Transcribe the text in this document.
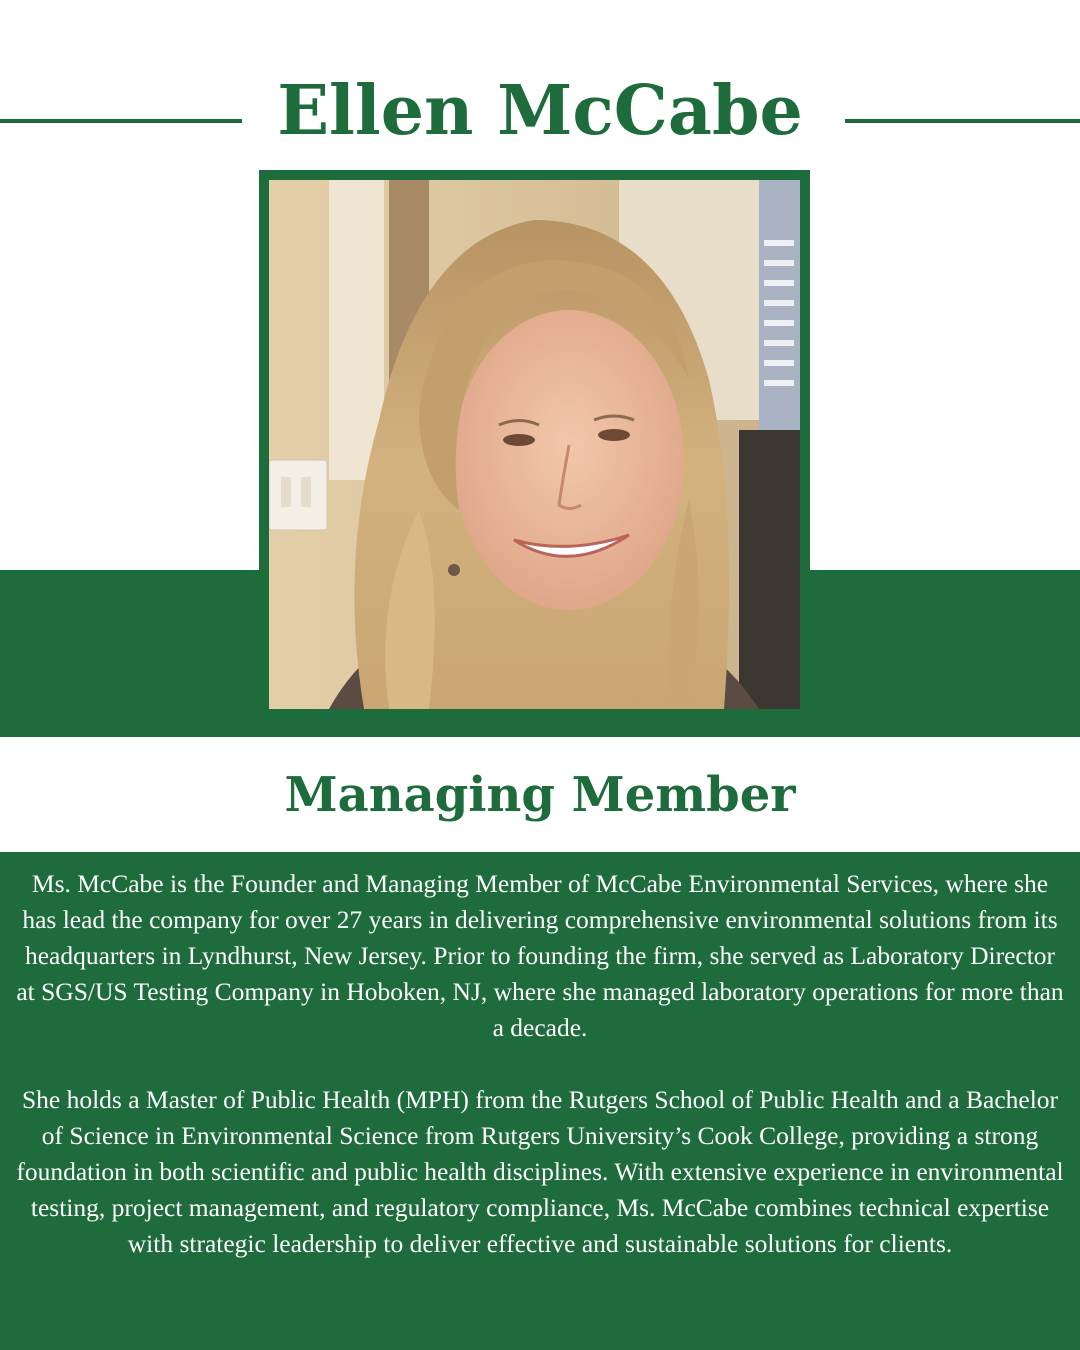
Ellen McCabe
Managing Member

Ms. McCabe is the Founder and Managing Member of McCabe Environmental Services, where she has lead the company for over 27 years in delivering comprehensive environmental solutions from its headquarters in Lyndhurst, New Jersey. Prior to founding the firm, she served as Laboratory Director at SGS/US Testing Company in Hoboken, NJ, where she managed laboratory operations for more than a decade.

She holds a Master of Public Health (MPH) from the Rutgers School of Public Health and a Bachelor of Science in Environmental Science from Rutgers University’s Cook College, providing a strong foundation in both scientific and public health disciplines. With extensive experience in environmental testing, project management, and regulatory compliance, Ms. McCabe combines technical expertise with strategic leadership to deliver effective and sustainable solutions for clients.
